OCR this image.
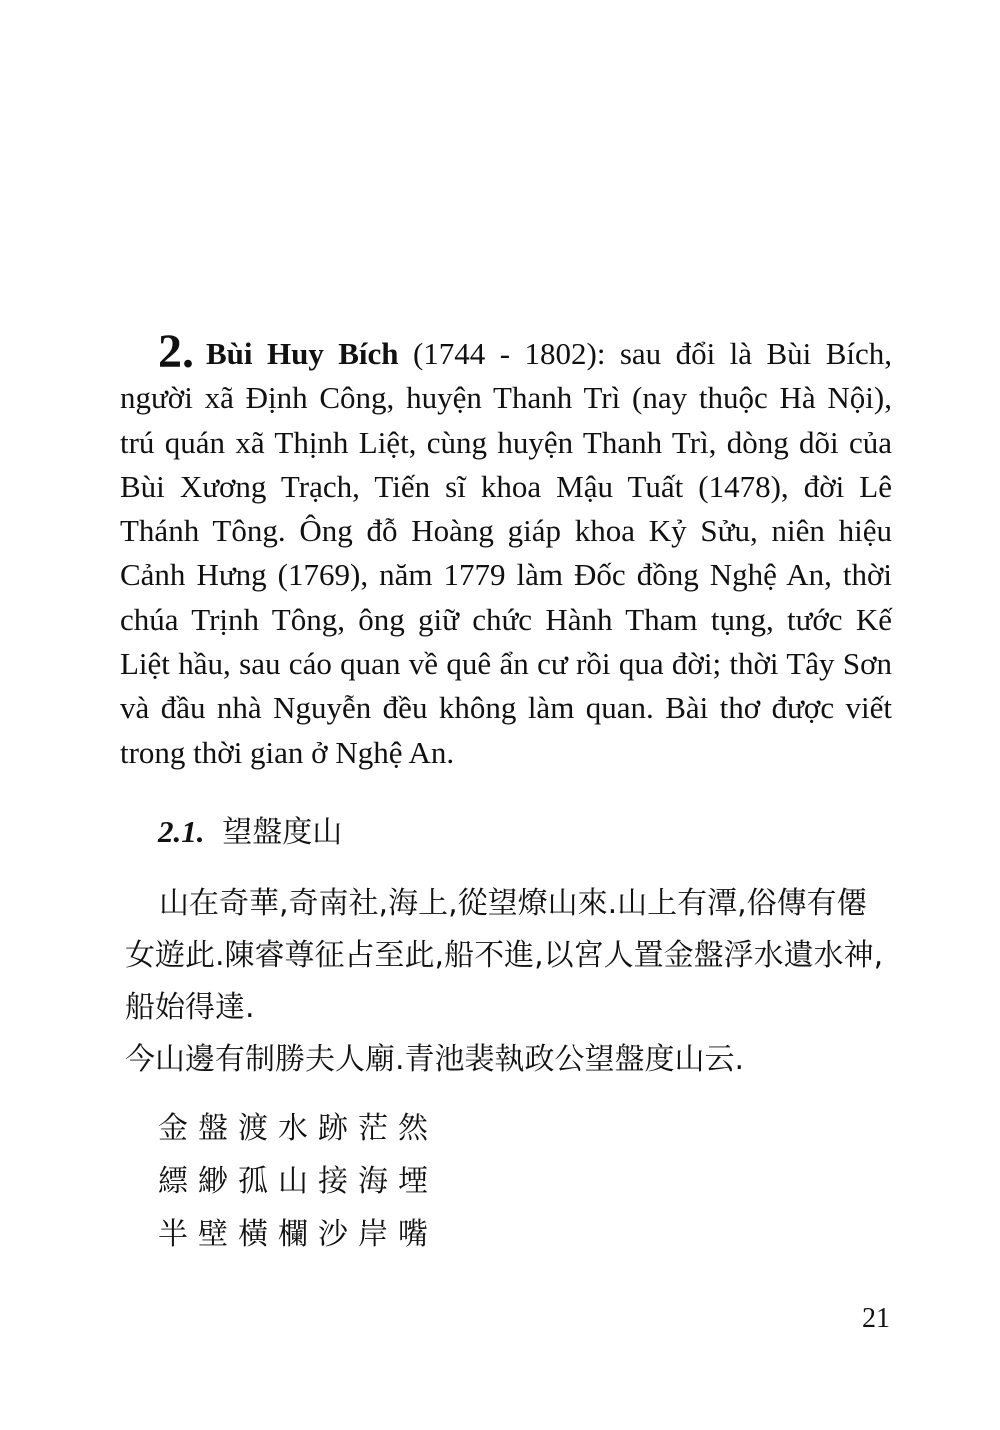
2. Bùi Huy Bích (1744 - 1802): sau đổi là Bùi Bích, người xã Định Công, huyện Thanh Trì (nay thuộc Hà Nội), trú quán xã Thịnh Liệt, cùng huyện Thanh Trì, dòng dõi của Bùi Xương Trạch, Tiến sĩ khoa Mậu Tuất (1478), đời Lê Thánh Tông. Ông đỗ Hoàng giáp khoa Kỷ Sửu, niên hiệu Cảnh Hưng (1769), năm 1779 làm Đốc đồng Nghệ An, thời chúa Trịnh Tông, ông giữ chức Hành Tham tụng, tước Kế Liệt hầu, sau cáo quan về quê ẩn cư rồi qua đời; thời Tây Sơn và đầu nhà Nguyễn đều không làm quan. Bài thơ được viết trong thời gian ở Nghệ An.
2.1. 望盤度山

山在奇華,奇南社,海上,從望燎山來.山上有潭,俗傳有僊女遊此.陳睿尊征占至此,船不進,以宮人置金盤浮水遺水神,船始得達.

今山邊有制勝夫人廟.青池裴執政公望盤度山云.

金盤渡水跡茫然
縹緲孤山接海堙
半壁橫欄沙岸嘴
21
